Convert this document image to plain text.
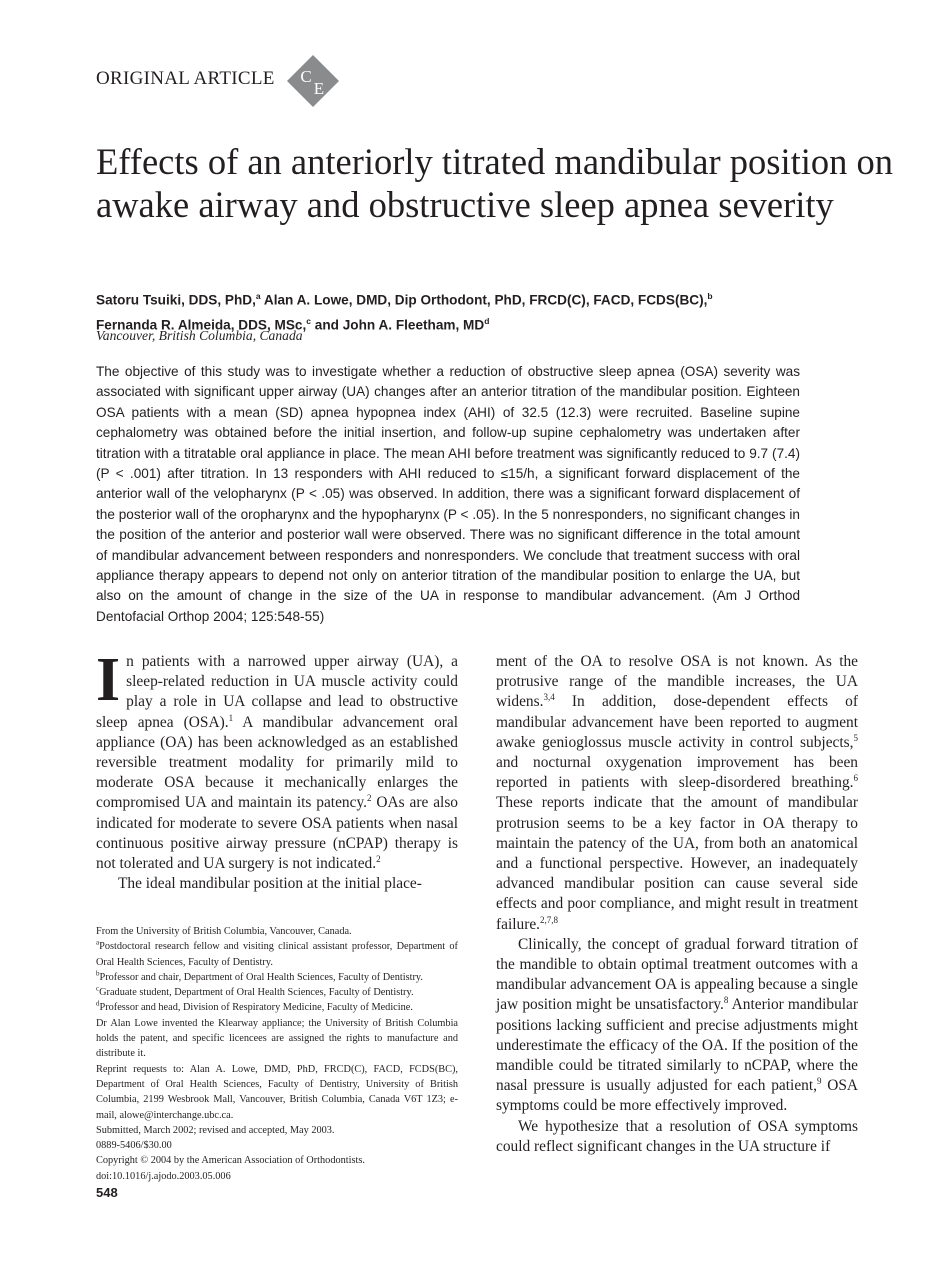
ORIGINAL ARTICLE C
E
Effects of an anteriorly titrated mandibular position on awake airway and obstructive sleep apnea severity
Satoru Tsuiki, DDS, PhD,$^a$ Alan A. Lowe, DMD, Dip Orthodont, PhD, FRCD(C), FACD, FCDS(BC),$^b$
Fernanda R. Almeida, DDS, MSc,$^c$ and John A. Fleetham, $MD^d$
Vancouver, British Columbia, Canada

The objective of this study was to investigate whether a reduction of obstructive sleep apnea (OSA) severity was associated with significant upper airway (UA) changes after an anterior titration of the mandibular position. Eighteen OSA patients with a mean (SD) apnea hypopnea index (AHI) of 32.5 (12.3) were recruited. Baseline supine cephalometry was obtained before the initial insertion, and follow-up supine cephalometry was undertaken after titration with a titratable oral appliance in place. The mean AHI before treatment was significantly reduced to 9.7 (7.4) (P < .001) after titration. In 13 responders with AHI reduced to ≤15/h, a significant forward displacement of the anterior wall of the velopharynx (P < .05) was observed. In addition, there was a significant forward displacement of the posterior wall of the oropharynx and the hypopharynx (P < .05). In the 5 nonresponders, no significant changes in the position of the anterior and posterior wall were observed. There was no significant difference in the total amount of mandibular advancement between responders and nonresponders. We conclude that treatment success with oral appliance therapy appears to depend not only on anterior titration of the mandibular position to enlarge the UA, but also on the amount of change in the size of the UA in response to mandibular advancement. (Am J Orthod Dentofacial Orthop 2004; 125:548-55)

In patients with a narrowed upper airway (UA), a sleep-related reduction in UA muscle activity could play a role in UA collapse and lead to obstructive sleep apnea (OSA).$^1$ A mandibular advancement oral appliance (OA) has been acknowledged as an established reversible treatment modality for primarily mild to moderate OSA because it mechanically enlarges the compromised UA and maintain its patency.$^2$ OAs are also indicated for moderate to severe OSA patients when nasal continuous positive airway pressure (nCPAP) therapy is not tolerated and UA surgery is not indicated.$^2$

The ideal mandibular position at the initial place-

From the University of British Columbia, Vancouver, Canada.

$^a$Postdoctoral research fellow and visiting clinical assistant professor, Department of Oral Health Sciences, Faculty of Dentistry.

$^b$Professor and chair, Department of Oral Health Sciences, Faculty of Dentistry.

$^c$Graduate student, Department of Oral Health Sciences, Faculty of Dentistry.

$^d$Professor and head, Division of Respiratory Medicine, Faculty of Medicine.

Dr Alan Lowe invented the Klearway appliance; the University of British Columbia holds the patent, and specific licencees are assigned the rights to manufacture and distribute it.

Reprint requests to: Alan A. Lowe, DMD, PhD, FRCD(C), FACD, FCDS(BC), Department of Oral Health Sciences, Faculty of Dentistry, University of British Columbia, 2199 Wesbrook Mall, Vancouver, British Columbia, Canada V6T 1Z3; e-mail, alowe@interchange.ubc.ca.

Submitted, March 2002; revised and accepted, May 2003.

0889-5406/$30.00

Copyright © 2004 by the American Association of Orthodontists.

doi:10.1016/j.ajodo.2003.05.006

ment of the OA to resolve OSA is not known. As the protrusive range of the mandible increases, the UA widens.$^{3,4}$ In addition, dose-dependent effects of mandibular advancement have been reported to augment awake genioglossus muscle activity in control subjects,$^5$ and nocturnal oxygenation improvement has been reported in patients with sleep-disordered breathing.$^6$ These reports indicate that the amount of mandibular protrusion seems to be a key factor in OA therapy to maintain the patency of the UA, from both an anatomical and a functional perspective. However, an inadequately advanced mandibular position can cause several side effects and poor compliance, and might result in treatment failure.$^{2,7,8}$

Clinically, the concept of gradual forward titration of the mandible to obtain optimal treatment outcomes with a mandibular advancement OA is appealing because a single jaw position might be unsatisfactory.$^8$ Anterior mandibular positions lacking sufficient and precise adjustments might underestimate the efficacy of the OA. If the position of the mandible could be titrated similarly to nCPAP, where the nasal pressure is usually adjusted for each patient,$^9$ OSA symptoms could be more effectively improved.

We hypothesize that a resolution of OSA symptoms could reflect significant changes in the UA structure if

548
